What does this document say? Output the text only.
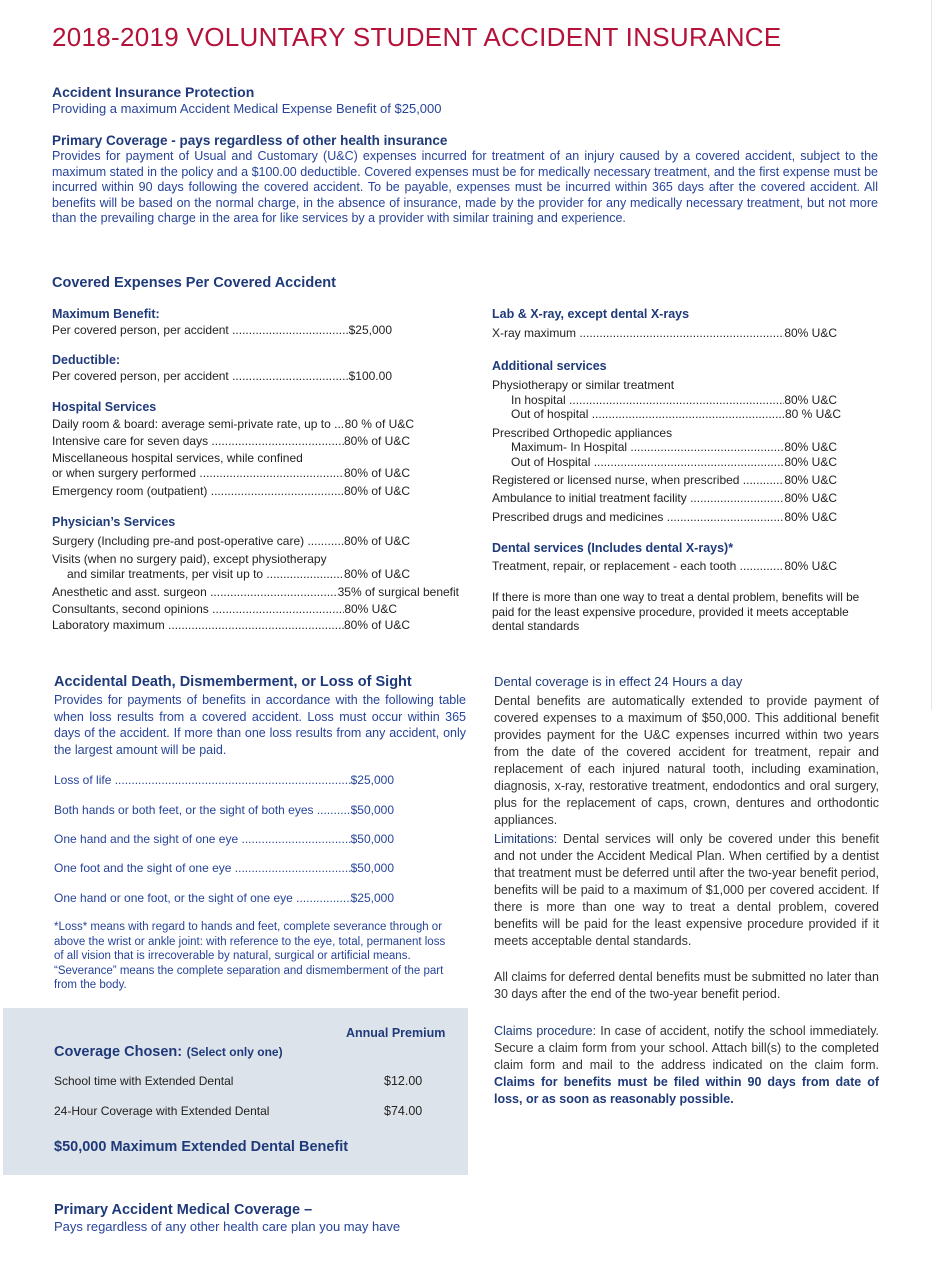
2018-2019 VOLUNTARY STUDENT ACCIDENT INSURANCE
Accident Insurance Protection
Providing a maximum Accident Medical Expense Benefit of $25,000
Primary Coverage - pays regardless of other health insurance
Provides for payment of Usual and Customary (U&C) expenses incurred for treatment of an injury caused by a covered accident, subject to the maximum stated in the policy and a $100.00 deductible. Covered expenses must be for medically necessary treatment, and the first expense must be incurred within 90 days following the covered accident. To be payable, expenses must be incurred within 365 days after the covered accident. All benefits will be based on the normal charge, in the absence of insurance, made by the provider for any medically necessary treatment, but not more than the prevailing charge in the area for like services by a provider with similar training and experience.
Covered Expenses Per Covered Accident
Maximum Benefit:
Per covered person, per accident .....	$25,000
Deductible:
Per covered person, per accident .....	$100.00
Hospital Services
Daily room & board: average semi-private rate, up to .....	80 % of U&C
Intensive care for seven days .....	80% of U&C
Miscellaneous hospital services, while confined
or when surgery performed .....	80% of U&C
Emergency room (outpatient) .....	80% of U&C
Physician’s Services
Surgery (Including pre-and post-operative care) .....	80% of U&C
Visits (when no surgery paid), except physiotherapy
and similar treatments, per visit up to .....	80% of U&C
Anesthetic and asst. surgeon .....	35% of surgical benefit
Consultants, second opinions .....	80% U&C
Laboratory maximum .....	80% of U&C
Lab & X-ray, except dental X-rays
X-ray maximum .....	80% U&C
Additional services
Physiotherapy or similar treatment
In hospital .....	80% U&C
Out of hospital .....	80 % U&C
Prescribed Orthopedic appliances
Maximum- In Hospital .....	80% U&C
Out of Hospital .....	80% U&C
Registered or licensed nurse, when prescribed .....	80% U&C
Ambulance to initial treatment facility .....	80% U&C
Prescribed drugs and medicines .....	80% U&C
Dental services (Includes dental X-rays)*
Treatment, repair, or replacement - each tooth .....	80% U&C
If there is more than one way to treat a dental problem, benefits will be paid for the least expensive procedure, provided it meets acceptable dental standards
Accidental Death, Dismemberment, or Loss of Sight
Provides for payments of benefits in accordance with the following table when loss results from a covered accident. Loss must occur within 365 days of the accident. If more than one loss results from any accident, only the largest amount will be paid.
Loss of life .....	$25,000
Both hands or both feet, or the sight of both eyes .....	$50,000
One hand and the sight of one eye .....	$50,000
One foot and the sight of one eye .....	$50,000
One hand or one foot, or the sight of one eye .....	$25,000
*Loss* means with regard to hands and feet, complete severance through or above the wrist or ankle joint: with reference to the eye, total, permanent loss of all vision that is irrecoverable by natural, surgical or artificial means. “Severance” means the complete separation and dismemberment of the part from the body.
Annual Premium
Coverage Chosen: (Select only one)
School time with Extended Dental	$12.00
24-Hour Coverage with Extended Dental	$74.00
$50,000 Maximum Extended Dental Benefit
Dental coverage is in effect 24 Hours a day
Dental benefits are automatically extended to provide payment of covered expenses to a maximum of $50,000. This additional benefit provides payment for the U&C expenses incurred within two years from the date of the covered accident for treatment, repair and replacement of each injured natural tooth, including examination, diagnosis, x-ray, restorative treatment, endodontics and oral surgery, plus for the replacement of caps, crown, dentures and orthodontic appliances.
Limitations: Dental services will only be covered under this benefit and not under the Accident Medical Plan. When certified by a dentist that treatment must be deferred until after the two-year benefit period, benefits will be paid to a maximum of $1,000 per covered accident. If there is more than one way to treat a dental problem, covered benefits will be paid for the least expensive procedure provided if it meets acceptable dental standards.
All claims for deferred dental benefits must be submitted no later than 30 days after the end of the two-year benefit period.
Claims procedure: In case of accident, notify the school immediately. Secure a claim form from your school. Attach bill(s) to the completed claim form and mail to the address indicated on the claim form. Claims for benefits must be filed within 90 days from date of loss, or as soon as reasonably possible.
Primary Accident Medical Coverage –
Pays regardless of any other health care plan you may have
